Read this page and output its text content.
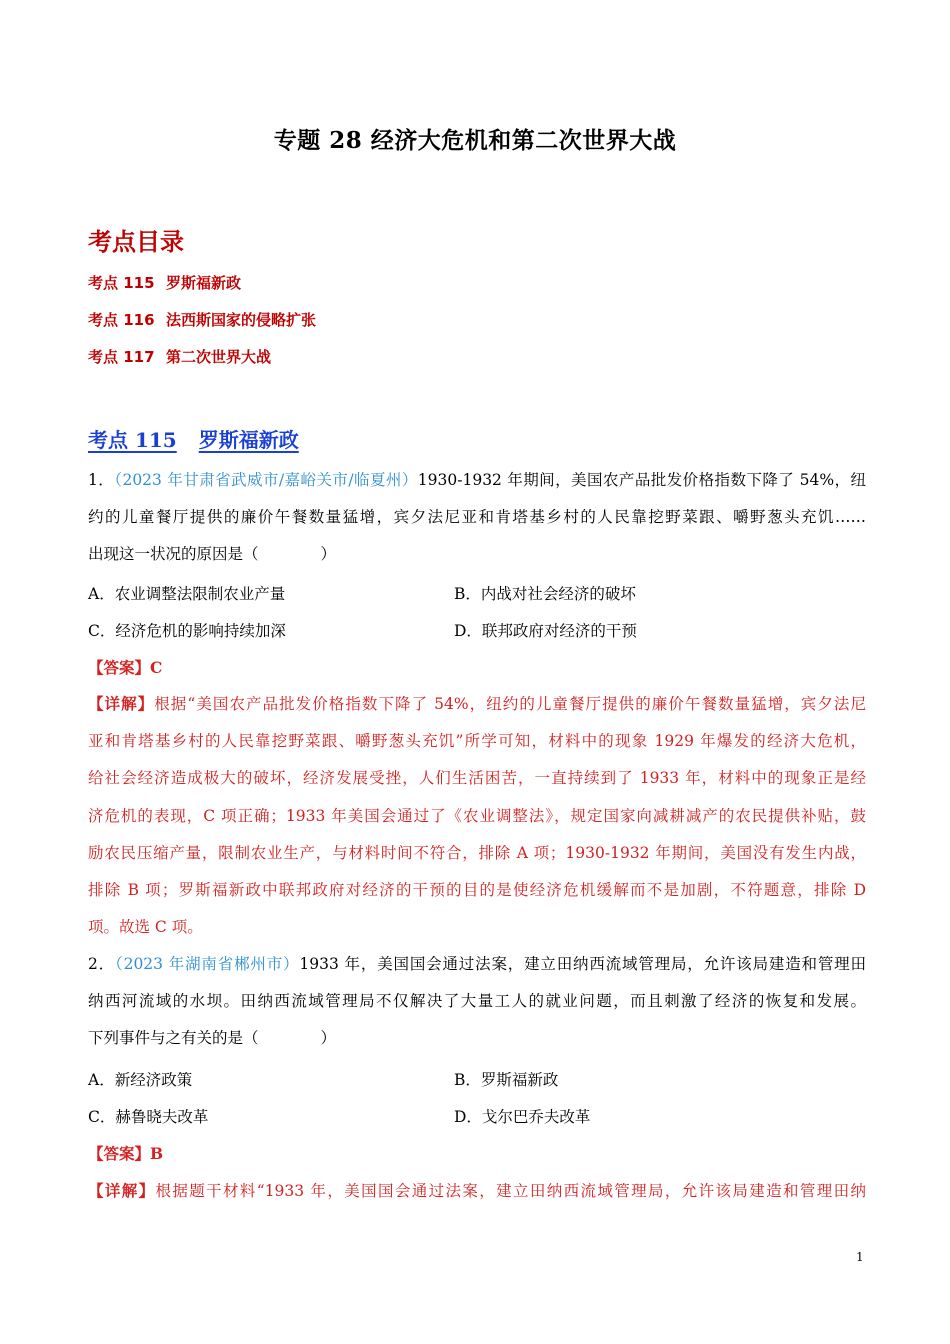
专题 28 经济大危机和第二次世界大战
考点目录
考点 115 罗斯福新政
考点 116 法西斯国家的侵略扩张
考点 117 第二次世界大战
考点 115 罗斯福新政
1．（2023 年甘肃省武威市/嘉峪关市/临夏州）1930-1932 年期间，美国农产品批发价格指数下降了 54%，纽
约的儿童餐厅提供的廉价午餐数量猛增，宾夕法尼亚和肯塔基乡村的人民靠挖野菜跟、嚼野葱头充饥……
出现这一状况的原因是（　　　　）
A．农业调整法限制农业产量	B．内战对社会经济的破坏
C．经济危机的影响持续加深	D．联邦政府对经济的干预
【答案】C
【详解】根据“美国农产品批发价格指数下降了 54%，纽约的儿童餐厅提供的廉价午餐数量猛增，宾夕法尼
亚和肯塔基乡村的人民靠挖野菜跟、嚼野葱头充饥”所学可知，材料中的现象 1929 年爆发的经济大危机，
给社会经济造成极大的破坏，经济发展受挫，人们生活困苦，一直持续到了 1933 年，材料中的现象正是经
济危机的表现，C 项正确；1933 年美国会通过了《农业调整法》，规定国家向减耕减产的农民提供补贴，鼓
励农民压缩产量，限制农业生产，与材料时间不符合，排除 A 项；1930-1932 年期间，美国没有发生内战，
排除 B 项；罗斯福新政中联邦政府对经济的干预的目的是使经济危机缓解而不是加剧，不符题意，排除 D
项。故选 C 项。
2．（2023 年湖南省郴州市）1933 年，美国国会通过法案，建立田纳西流域管理局，允许该局建造和管理田
纳西河流域的水坝。田纳西流域管理局不仅解决了大量工人的就业问题，而且刺激了经济的恢复和发展。
下列事件与之有关的是（　　　　）
A．新经济政策	B．罗斯福新政
C．赫鲁晓夫改革	D．戈尔巴乔夫改革
【答案】B
【详解】根据题干材料“1933 年，美国国会通过法案，建立田纳西流域管理局，允许该局建造和管理田纳
1
